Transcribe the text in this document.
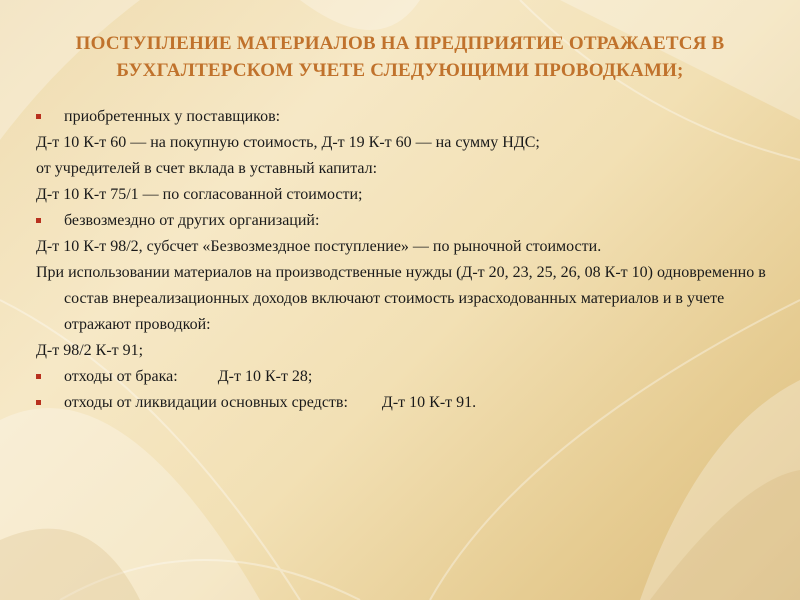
ПОСТУПЛЕНИЕ МАТЕРИАЛОВ НА ПРЕДПРИЯТИЕ ОТРАЖАЕТСЯ В
БУХГАЛТЕРСКОМ УЧЕТЕ СЛЕДУЮЩИМИ ПРОВОДКАМИ;
приобретенных у поставщиков:
Д-т 10 К-т 60 — на покупную стоимость, Д-т 19 К-т 60 — на сумму НДС;
от учредителей в счет вклада в уставный капитал:
Д-т 10 К-т 75/1 — по согласованной стоимости;
безвозмездно от других организаций:
Д-т 10 К-т 98/2, субсчет «Безвозмездное поступление» — по рыночной стоимости.
При использовании материалов на производственные нужды (Д-т 20, 23, 25, 26, 08 К-т 10) одновременно в состав внереализационных доходов включают стоимость израсходованных материалов и в учете отражают проводкой:
Д-т 98/2 К-т 91;
отходы от брака:	Д-т 10 К-т 28;
отходы от ликвидации основных средств: Д-т 10 К-т 91.
